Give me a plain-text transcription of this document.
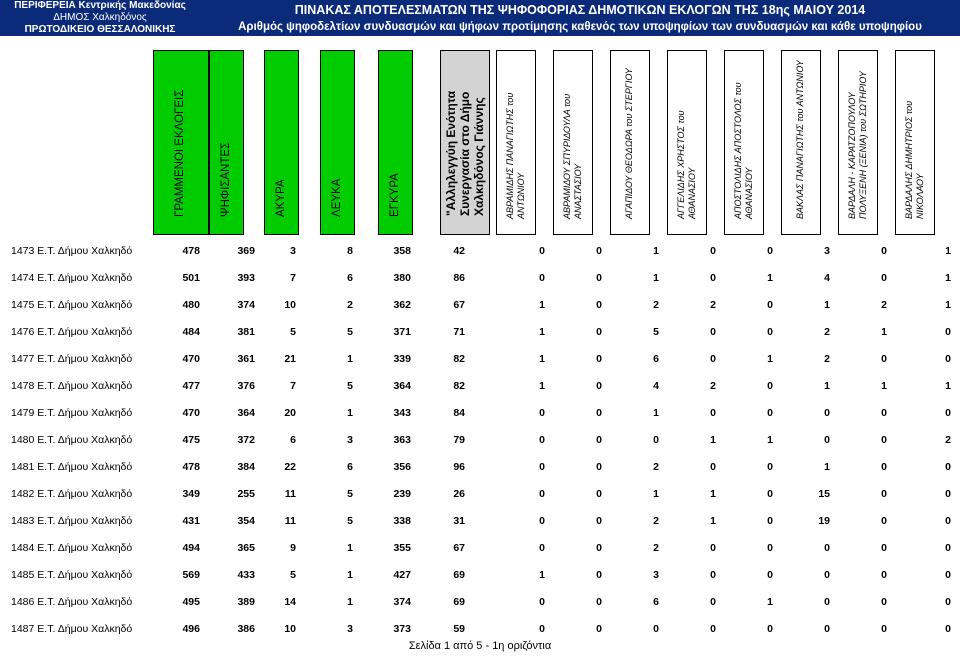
ΠΕΡΙΦΕΡΕΙΑ Κεντρικής Μακεδονίας
ΔΗΜΟΣ Χαλκηδόνος
ΠΡΩΤΟΔΙΚΕΙΟ ΘΕΣΣΑΛΟΝΙΚΗΣ
ΠΙΝΑΚΑΣ ΑΠΟΤΕΛΕΣΜΑΤΩΝ ΤΗΣ ΨΗΦΟΦΟΡΙΑΣ ΔΗΜΟΤΙΚΩΝ ΕΚΛΟΓΩΝ ΤΗΣ 18ης ΜΑΙΟΥ 2014
Αριθμός ψηφοδελτίων συνδυασμών και ψήφων προτίμησης καθενός των υποψηφίων των συνδυασμών και κάθε υποψηφίου
ΓΡΑΜΜΕΝΟΙ ΕΚΛΟΓΕΙΣ	ΨΗΦΙΣΑΝΤΕΣ	ΑΚΥΡΑ	ΛΕΥΚΑ	ΕΓΚΥΡΑ	"Αλληλεγγύη Ενότητα Συνεργασία στο Δήμο Χαλκηδόνος Γιάννης ΑΒΡΑΜΙΔΗΣ ΠΑΝΑΓΙΩΤΗΣ του ΑΝΤΩΝΙΟΥ	ΑΒΡΑΜΙΔΟΥ ΣΠΥΡΙΔΟΥΛΑ του ΑΝΑΣΤΑΣΙΟΥ	ΑΓΑΠΙΔΟΥ ΘΕΟΔΩΡΑ του ΣΤΕΡΓΙΟΥ	ΑΓΓΕΛΙΔΗΣ ΧΡΗΣΤΟΣ του ΑΘΑΝΑΣΙΟΥ	ΑΠΟΣΤΟΛΙΔΗΣ ΑΠΟΣΤΟΛΟΣ του ΑΘΑΝΑΣΙΟΥ	ΒΑΚΛΑΣ ΠΑΝΑΓΙΩΤΗΣ του ΑΝΤΩΝΙΟΥ	ΒΑΡΔΑΛΗ - ΚΑΡΑΤΖΟΠΟΥΛΟΥ ΠΟΛΥΞΕΝΗ (ΞΕΝΙΑ) του ΣΩΤΗΡΙΟΥ	ΒΑΡΔΑΛΗΣ ΔΗΜΗΤΡΙΟΣ του ΝΙΚΟΛΑΟΥ
1473 Ε.Τ. Δήμου Χαλκηδό	478	369	3	8	358	42	0	0	1	0	0	3	0	1
1474 Ε.Τ. Δήμου Χαλκηδό	501	393	7	6	380	86	0	0	1	0	1	4	0	1
1475 Ε.Τ. Δήμου Χαλκηδό	480	374	10	2	362	67	1	0	2	2	0	1	2	1
1476 Ε.Τ. Δήμου Χαλκηδό	484	381	5	5	371	71	1	0	5	0	0	2	1	0
1477 Ε.Τ. Δήμου Χαλκηδό	470	361	21	1	339	82	1	0	6	0	1	2	0	0
1478 Ε.Τ. Δήμου Χαλκηδό	477	376	7	5	364	82	1	0	4	2	0	1	1	1
1479 Ε.Τ. Δήμου Χαλκηδό	470	364	20	1	343	84	0	0	1	0	0	0	0	0
1480 Ε.Τ. Δήμου Χαλκηδό	475	372	6	3	363	79	0	0	0	1	1	0	0	2
1481 Ε.Τ. Δήμου Χαλκηδό	478	384	22	6	356	96	0	0	2	0	0	1	0	0
1482 Ε.Τ. Δήμου Χαλκηδό	349	255	11	5	239	26	0	0	1	1	0	15	0	0
1483 Ε.Τ. Δήμου Χαλκηδό	431	354	11	5	338	31	0	0	2	1	0	19	0	0
1484 Ε.Τ. Δήμου Χαλκηδό	494	365	9	1	355	67	0	0	2	0	0	0	0	0
1485 Ε.Τ. Δήμου Χαλκηδό	569	433	5	1	427	69	1	0	3	0	0	0	0	0
1486 Ε.Τ. Δήμου Χαλκηδό	495	389	14	1	374	69	0	0	6	0	1	0	0	0
1487 Ε.Τ. Δήμου Χαλκηδό	496	386	10	3	373	59	0	0	0	0	0	0	0	0
Σελίδα 1 από 5 - 1η οριζόντια
